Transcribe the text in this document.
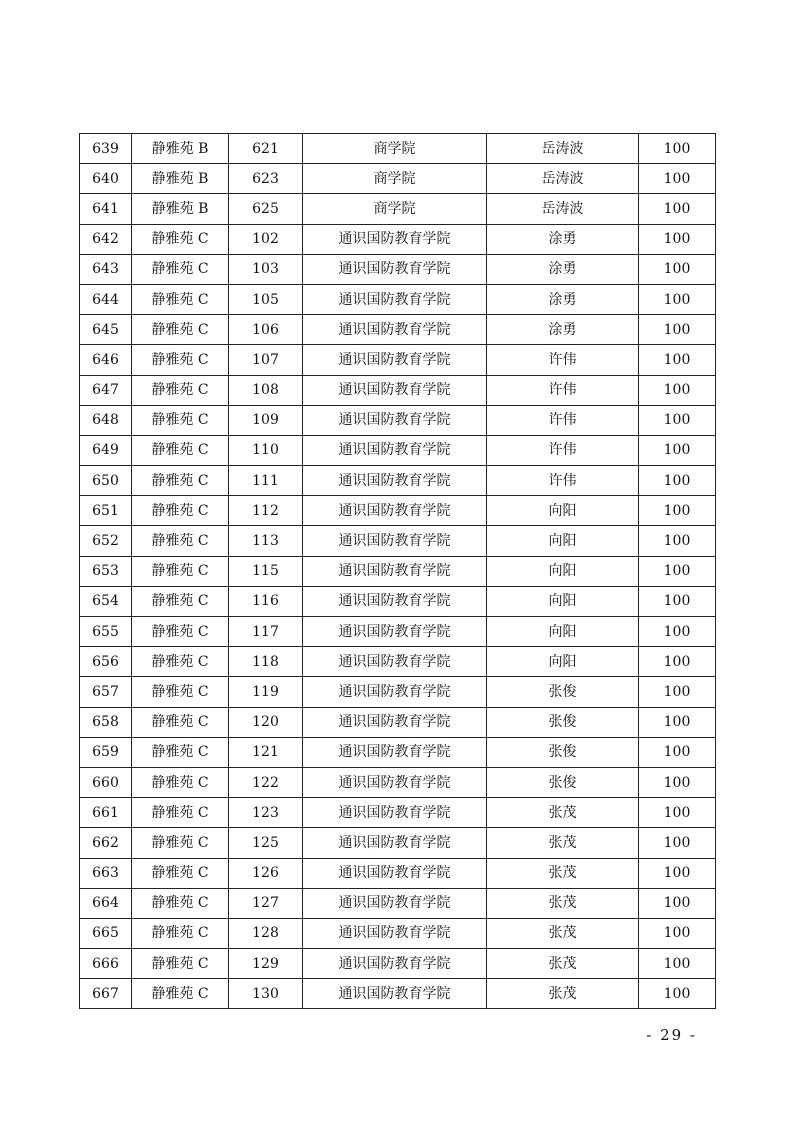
639	静雅苑 B	621	商学院	岳涛波	100
640	静雅苑 B	623	商学院	岳涛波	100
641	静雅苑 B	625	商学院	岳涛波	100
642	静雅苑 C	102	通识国防教育学院	涂勇	100
643	静雅苑 C	103	通识国防教育学院	涂勇	100
644	静雅苑 C	105	通识国防教育学院	涂勇	100
645	静雅苑 C	106	通识国防教育学院	涂勇	100
646	静雅苑 C	107	通识国防教育学院	许伟	100
647	静雅苑 C	108	通识国防教育学院	许伟	100
648	静雅苑 C	109	通识国防教育学院	许伟	100
649	静雅苑 C	110	通识国防教育学院	许伟	100
650	静雅苑 C	111	通识国防教育学院	许伟	100
651	静雅苑 C	112	通识国防教育学院	向阳	100
652	静雅苑 C	113	通识国防教育学院	向阳	100
653	静雅苑 C	115	通识国防教育学院	向阳	100
654	静雅苑 C	116	通识国防教育学院	向阳	100
655	静雅苑 C	117	通识国防教育学院	向阳	100
656	静雅苑 C	118	通识国防教育学院	向阳	100
657	静雅苑 C	119	通识国防教育学院	张俊	100
658	静雅苑 C	120	通识国防教育学院	张俊	100
659	静雅苑 C	121	通识国防教育学院	张俊	100
660	静雅苑 C	122	通识国防教育学院	张俊	100
661	静雅苑 C	123	通识国防教育学院	张茂	100
662	静雅苑 C	125	通识国防教育学院	张茂	100
663	静雅苑 C	126	通识国防教育学院	张茂	100
664	静雅苑 C	127	通识国防教育学院	张茂	100
665	静雅苑 C	128	通识国防教育学院	张茂	100
666	静雅苑 C	129	通识国防教育学院	张茂	100
667	静雅苑 C	130	通识国防教育学院	张茂	100
- 29 -
